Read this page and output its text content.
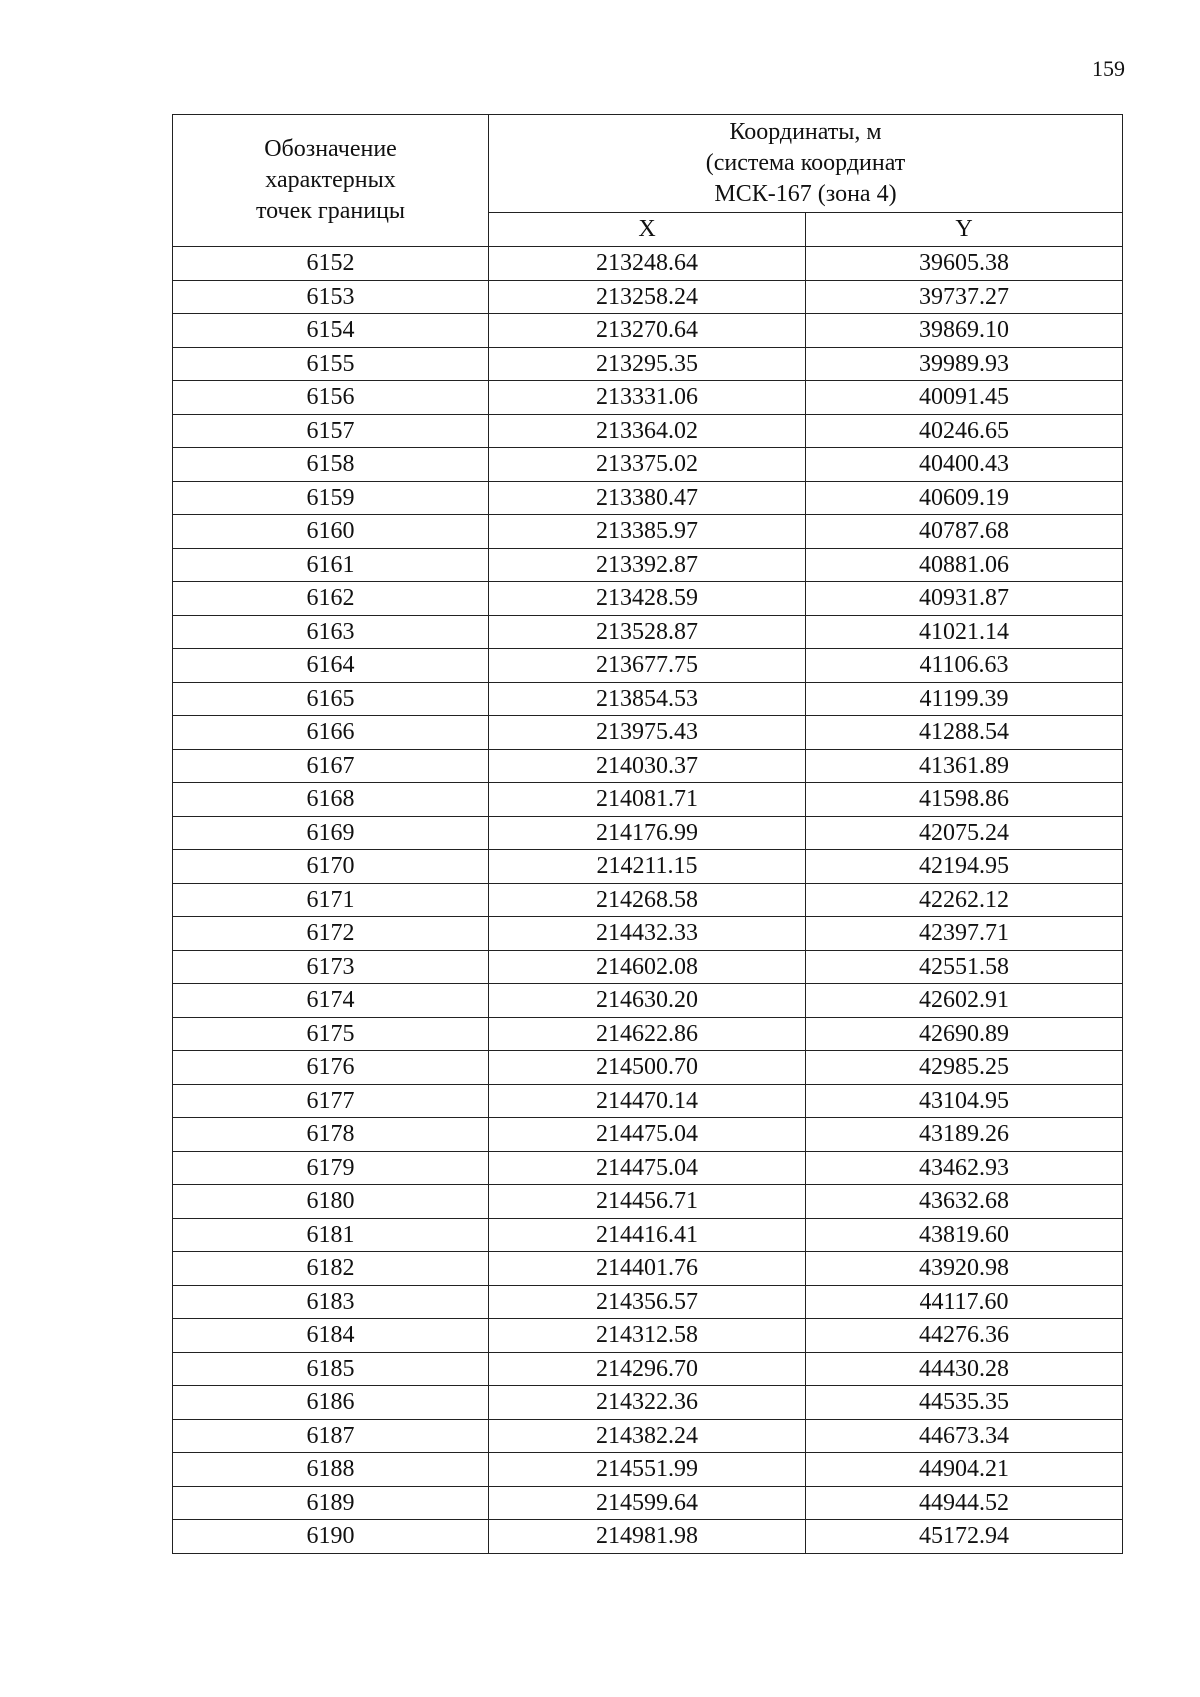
159
Обозначение
характерных
точек границы	Координаты, м
(система координат
МСК-167 (зона 4)	

	X	Y
6152	213248.64	39605.38
6153	213258.24	39737.27
6154	213270.64	39869.10
6155	213295.35	39989.93
6156	213331.06	40091.45
6157	213364.02	40246.65
6158	213375.02	40400.43
6159	213380.47	40609.19
6160	213385.97	40787.68
6161	213392.87	40881.06
6162	213428.59	40931.87
6163	213528.87	41021.14
6164	213677.75	41106.63
6165	213854.53	41199.39
6166	213975.43	41288.54
6167	214030.37	41361.89
6168	214081.71	41598.86
6169	214176.99	42075.24
6170	214211.15	42194.95
6171	214268.58	42262.12
6172	214432.33	42397.71
6173	214602.08	42551.58
6174	214630.20	42602.91
6175	214622.86	42690.89
6176	214500.70	42985.25
6177	214470.14	43104.95
6178	214475.04	43189.26
6179	214475.04	43462.93
6180	214456.71	43632.68
6181	214416.41	43819.60
6182	214401.76	43920.98
6183	214356.57	44117.60
6184	214312.58	44276.36
6185	214296.70	44430.28
6186	214322.36	44535.35
6187	214382.24	44673.34
6188	214551.99	44904.21
6189	214599.64	44944.52
6190	214981.98	45172.94
